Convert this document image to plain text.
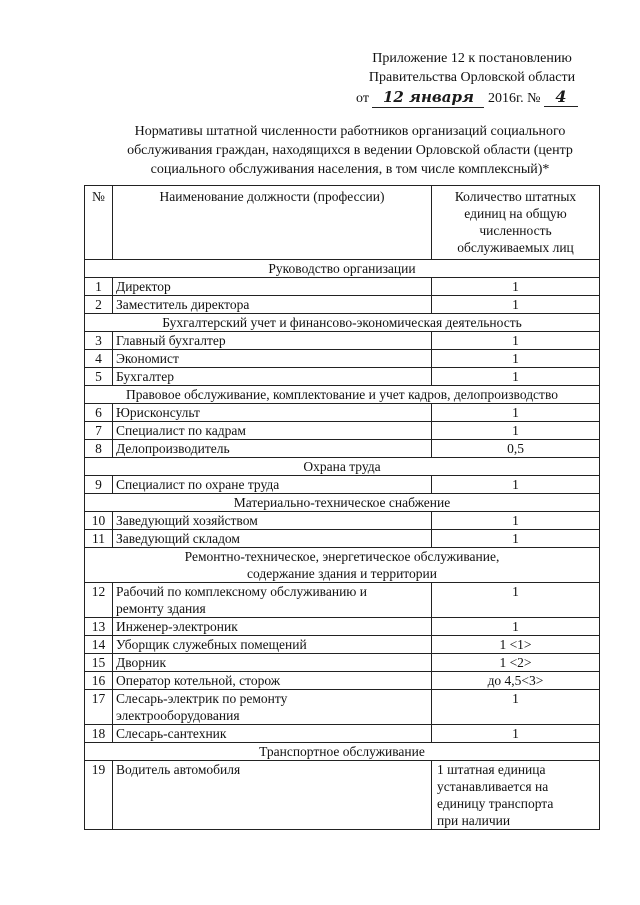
Приложение 12 к постановлению
Правительства Орловской области
от 12 января 2016г. № 4
Нормативы штатной численности работников организаций социального
обслуживания граждан, находящихся в ведении Орловской области (центр
социального обслуживания населения, в том числе комплексный)*
№	Наименование должности (профессии)	Количество штатных
единиц на общую
численность
обслуживаемых лиц

Руководство организации		
1	Директор	1
2	Заместитель директора	1
Бухгалтерский учет и финансово-экономическая деятельность		
3	Главный бухгалтер	1
4	Экономист	1
5	Бухгалтер	1
Правовое обслуживание, комплектование и учет кадров, делопроизводство		
6	Юрисконсульт	1
7	Специалист по кадрам	1
8	Делопроизводитель	0,5
Охрана труда		
9	Специалист по охране труда	1
Материально-техническое снабжение		
10	Заведующий хозяйством	1
11	Заведующий складом	1

Ремонтно-техническое, энергетическое обслуживание,
содержание здания и территории		

12	Рабочий по комплексному обслуживанию и
ремонту здания	1
13	Инженер-электроник	1
14	Уборщик служебных помещений	1 <1>
15	Дворник	1 <2>
16	Оператор котельной, сторож	до 4,5<3>
17	Слесарь-электрик по ремонту
электрооборудования	1
18	Слесарь-сантехник	1
Транспортное обслуживание		
19	Водитель автомобиля	1 штатная единица
устанавливается на
единицу транспорта
при наличии
